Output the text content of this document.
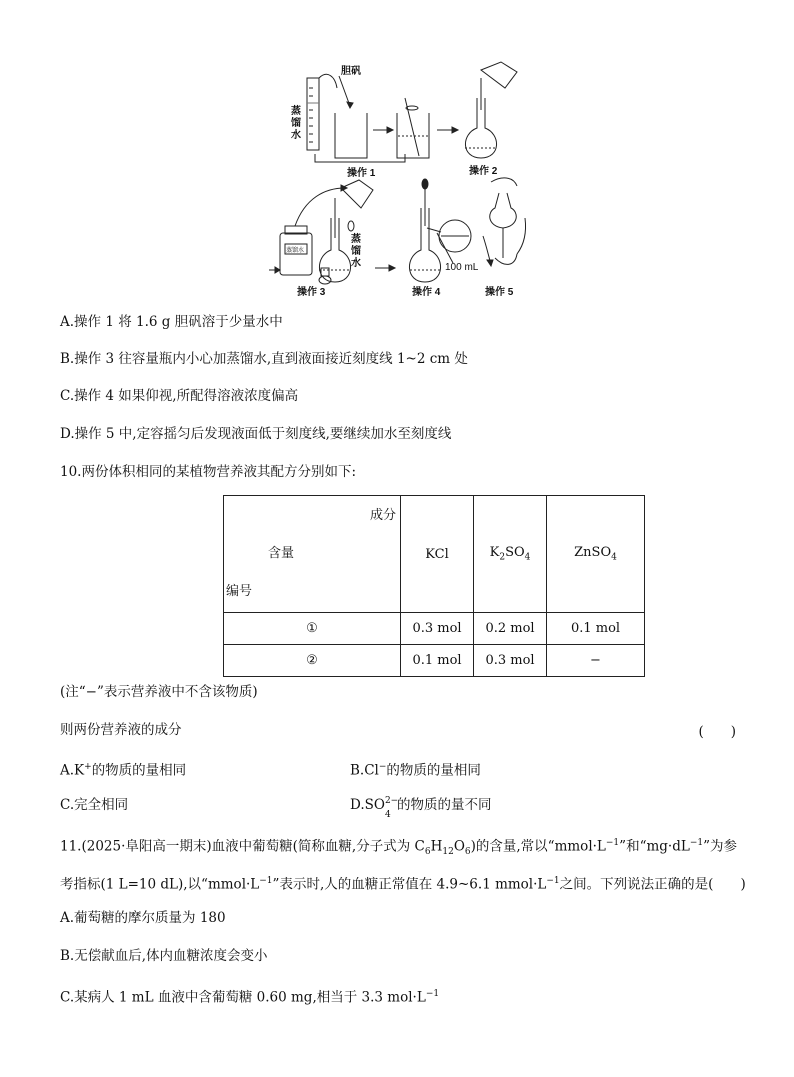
胆矾
蒸
馏
水
操作 1	操作 2
蒸馏水
蒸
馏
水	100 mL
操作 3	操作 4	操作 5
A.操作 1 将 1.6 g 胆矾溶于少量水中
B.操作 3 往容量瓶内小心加蒸馏水,直到液面接近刻度线 1~2 cm 处
C.操作 4 如果仰视,所配得溶液浓度偏高
D.操作 5 中,定容摇匀后发现液面低于刻度线,要继续加水至刻度线
10.两份体积相同的某植物营养液其配方分别如下:
成分
含量
编号	KCl	$K_2SO_4$	ZnSO$_4$
①	0.3 mol	0.2 mol	0.1 mol
②	0.1 mol	0.3 mol	−
(注“−”表示营养液中不含该物质)
则两份营养液的成分	(　　)
A.K+的物质的量相同	B.Cl−的物质的量相同
C.完全相同	D.SO 2−
4
的物质的量不同
11.(2025·阜阳高一期末)血液中葡萄糖(简称血糖,分子式为 $C_6H_{12}O_6$)的含量,常以“$mmol\cdot L^{-1}$”和“$mg\cdot dL^{-1}$”为参
考指标(1 L=10 dL),以“$mmol\cdot L^{-1}$”表示时,人的血糖正常值在 4.9~6.1 $mmol\cdot L^{-1}$之间。下列说法正确的是(　　)
A.葡萄糖的摩尔质量为 180
B.无偿献血后,体内血糖浓度会变小
C.某病人 1 mL 血液中含葡萄糖 0.60 mg,相当于 3.3 $mol\cdot L^{-1}$
